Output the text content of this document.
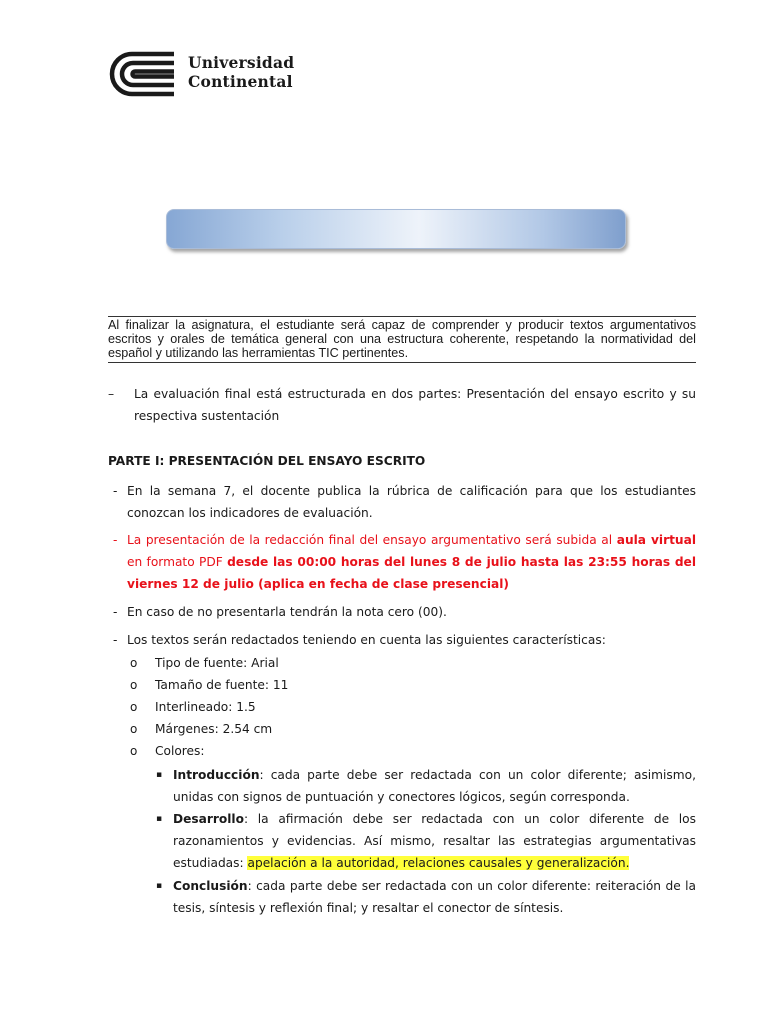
Universidad
Continental
Al finalizar la asignatura, el estudiante será capaz de comprender y producir textos argumentativos escritos y orales de temática general con una estructura coherente, respetando la normatividad del español y utilizando las herramientas TIC pertinentes.
– La evaluación final está estructurada en dos partes: Presentación del ensayo escrito y su respectiva sustentación
PARTE I: PRESENTACIÓN DEL ENSAYO ESCRITO
- En la semana 7, el docente publica la rúbrica de calificación para que los estudiantes conozcan los indicadores de evaluación.
- La presentación de la redacción final del ensayo argumentativo será subida al aula virtual en formato PDF desde las 00:00 horas del lunes 8 de julio hasta las 23:55 horas del viernes 12 de julio (aplica en fecha de clase presencial)
- En caso de no presentarla tendrán la nota cero (00).
- Los textos serán redactados teniendo en cuenta las siguientes características:
o Tipo de fuente: Arial
o Tamaño de fuente: 11
o Interlineado: 1.5
o Márgenes: 2.54 cm
o Colores:
▪ Introducción: cada parte debe ser redactada con un color diferente; asimismo, unidas con signos de puntuación y conectores lógicos, según corresponda.
▪ Desarrollo: la afirmación debe ser redactada con un color diferente de los razonamientos y evidencias. Así mismo, resaltar las estrategias argumentativas estudiadas: apelación a la autoridad, relaciones causales y generalización.
▪ Conclusión: cada parte debe ser redactada con un color diferente: reiteración de la tesis, síntesis y reflexión final; y resaltar el conector de síntesis.
